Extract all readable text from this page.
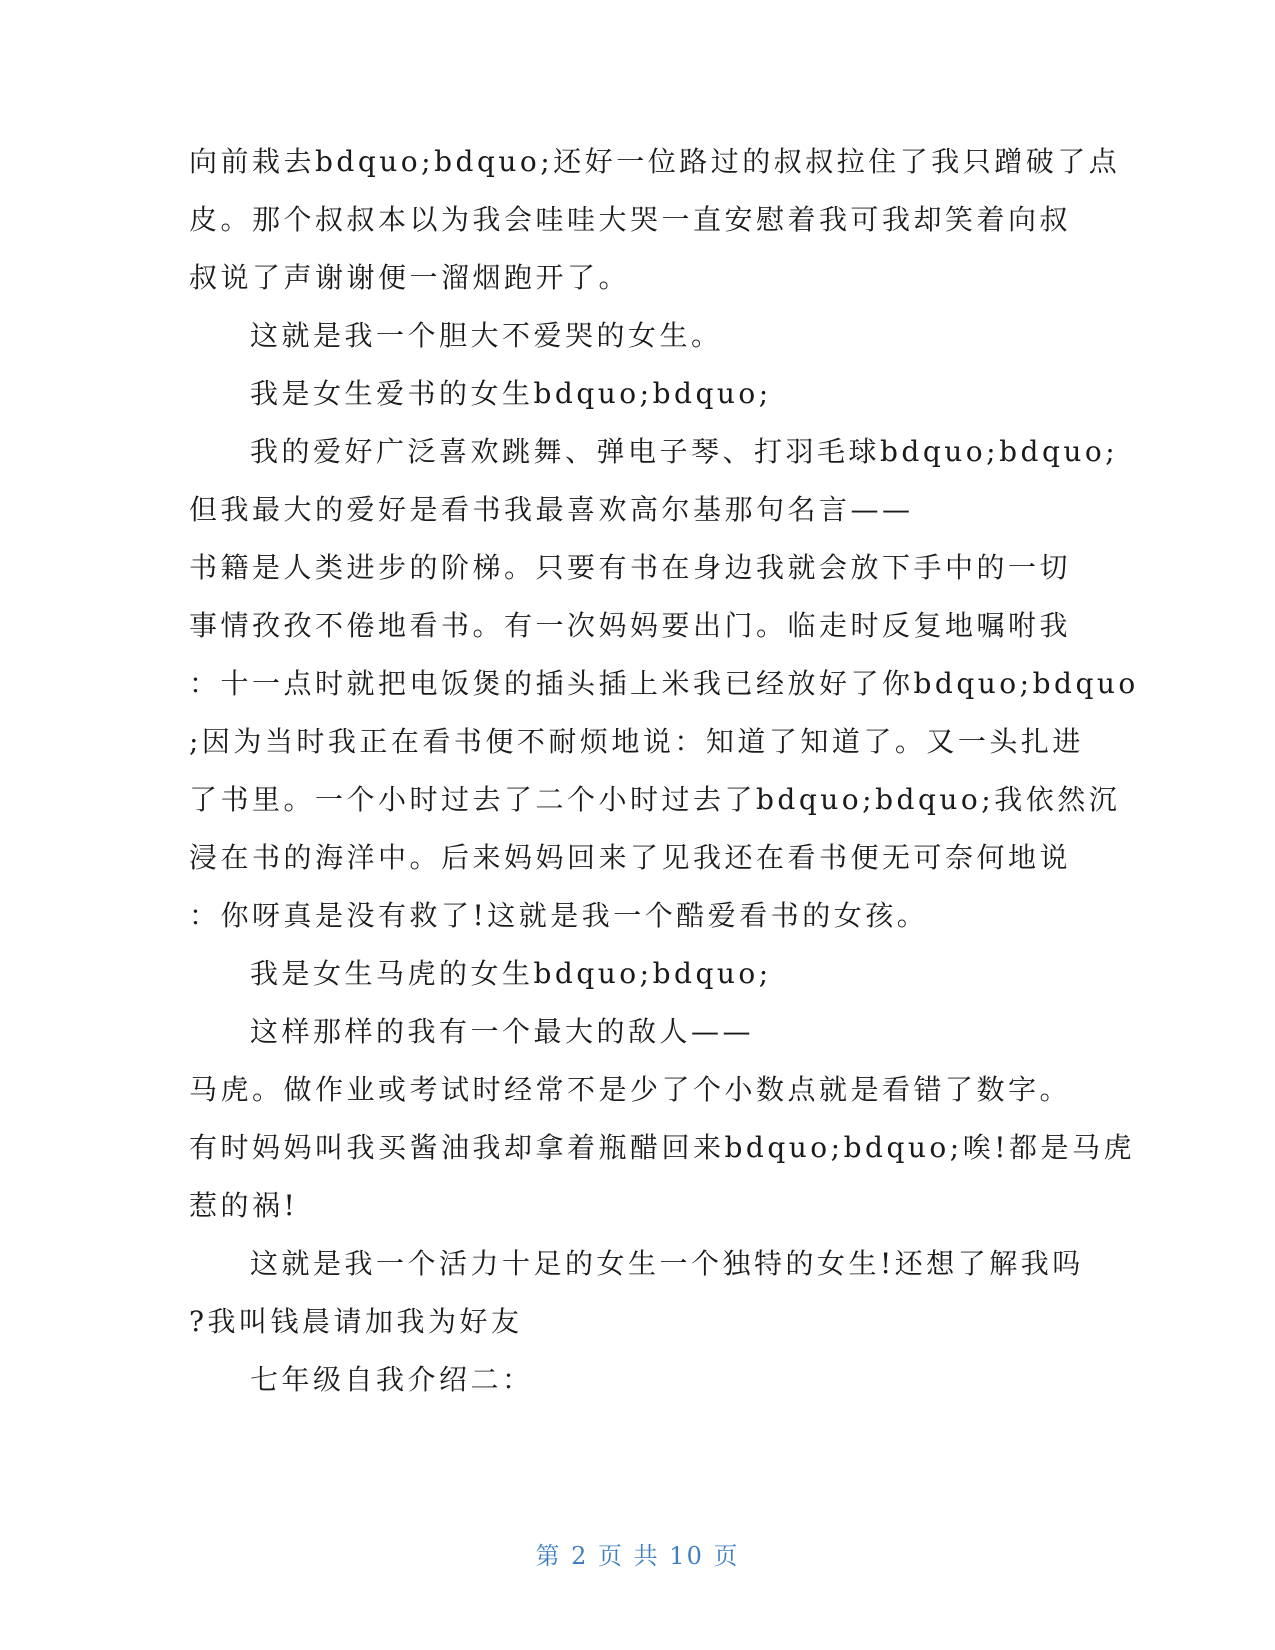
向前栽去bdquo;bdquo;还好一位路过的叔叔拉住了我只蹭破了点
皮。那个叔叔本以为我会哇哇大哭一直安慰着我可我却笑着向叔
叔说了声谢谢便一溜烟跑开了。
这就是我一个胆大不爱哭的女生。
我是女生爱书的女生bdquo;bdquo;
我的爱好广泛喜欢跳舞、弹电子琴、打羽毛球bdquo;bdquo;
但我最大的爱好是看书我最喜欢高尔基那句名言——
书籍是人类进步的阶梯。只要有书在身边我就会放下手中的一切
事情孜孜不倦地看书。有一次妈妈要出门。临走时反复地嘱咐我
：十一点时就把电饭煲的插头插上米我已经放好了你bdquo;bdquo
;因为当时我正在看书便不耐烦地说：知道了知道了。又一头扎进
了书里。一个小时过去了二个小时过去了bdquo;bdquo;我依然沉
浸在书的海洋中。后来妈妈回来了见我还在看书便无可奈何地说
：你呀真是没有救了!这就是我一个酷爱看书的女孩。
我是女生马虎的女生bdquo;bdquo;
这样那样的我有一个最大的敌人——
马虎。做作业或考试时经常不是少了个小数点就是看错了数字。
有时妈妈叫我买酱油我却拿着瓶醋回来bdquo;bdquo;唉!都是马虎
惹的祸!
这就是我一个活力十足的女生一个独特的女生!还想了解我吗
?我叫钱晨请加我为好友
七年级自我介绍二：
第 2 页 共 10 页
